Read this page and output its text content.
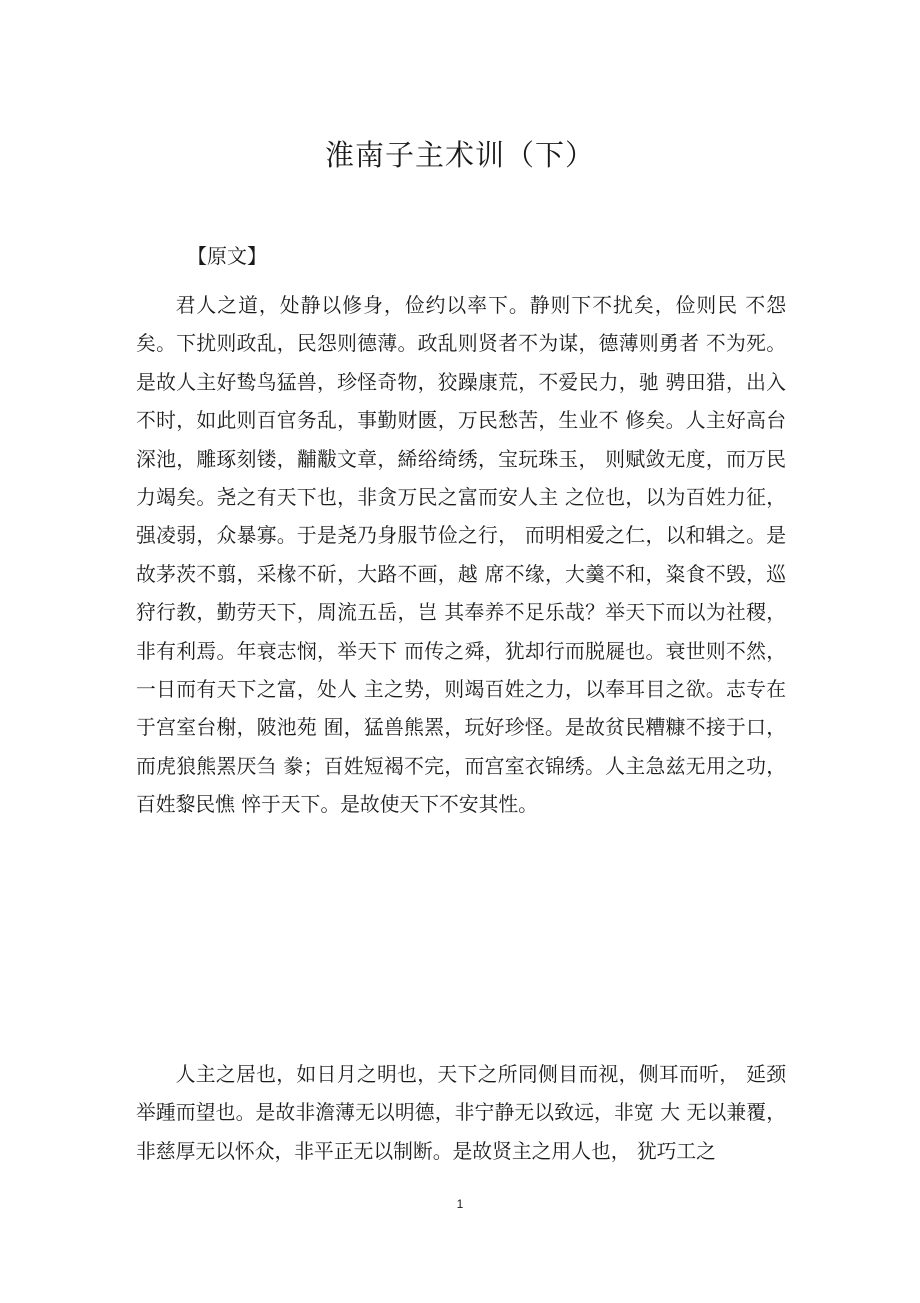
淮南子主术训（下）
【原文】

君人之道，处静以修身，俭约以率下。静则下不扰矣，俭则民 不怨矣。下扰则政乱，民怨则德薄。政乱则贤者不为谋，德薄则勇者 不为死。是故人主好鸷鸟猛兽，珍怪奇物，狡躁康荒，不爱民力，驰 骋田猎，出入不时，如此则百官务乱，事勤财匮，万民愁苦，生业不 修矣。人主好高台深池，雕琢刻镂，黼黻文章，絺绤绮绣，宝玩珠玉， 则赋敛无度，而万民力竭矣。尧之有天下也，非贪万民之富而安人主 之位也，以为百姓力征，强凌弱，众暴寡。于是尧乃身服节俭之行， 而明相爱之仁，以和辑之。是故茅茨不翦，采椽不斫，大路不画，越 席不缘，大羹不和，粢食不毁，巡狩行教，勤劳天下，周流五岳，岂 其奉养不足乐哉？举天下而以为社稷，非有利焉。年衰志悯，举天下 而传之舜，犹却行而脱屣也。衰世则不然，一日而有天下之富，处人 主之势，则竭百姓之力，以奉耳目之欲。志专在于宫室台榭，陂池苑 囿，猛兽熊罴，玩好珍怪。是故贫民糟糠不接于口，而虎狼熊罴厌刍 豢；百姓短褐不完，而宫室衣锦绣。人主急兹无用之功，百姓黎民憔 悴于天下。是故使天下不安其性。

人主之居也，如日月之明也，天下之所同侧目而视，侧耳而听， 延颈举踵而望也。是故非澹薄无以明德，非宁静无以致远，非宽 大 无以兼覆，非慈厚无以怀众，非平正无以制断。是故贤主之用人也， 犹巧工之

1
